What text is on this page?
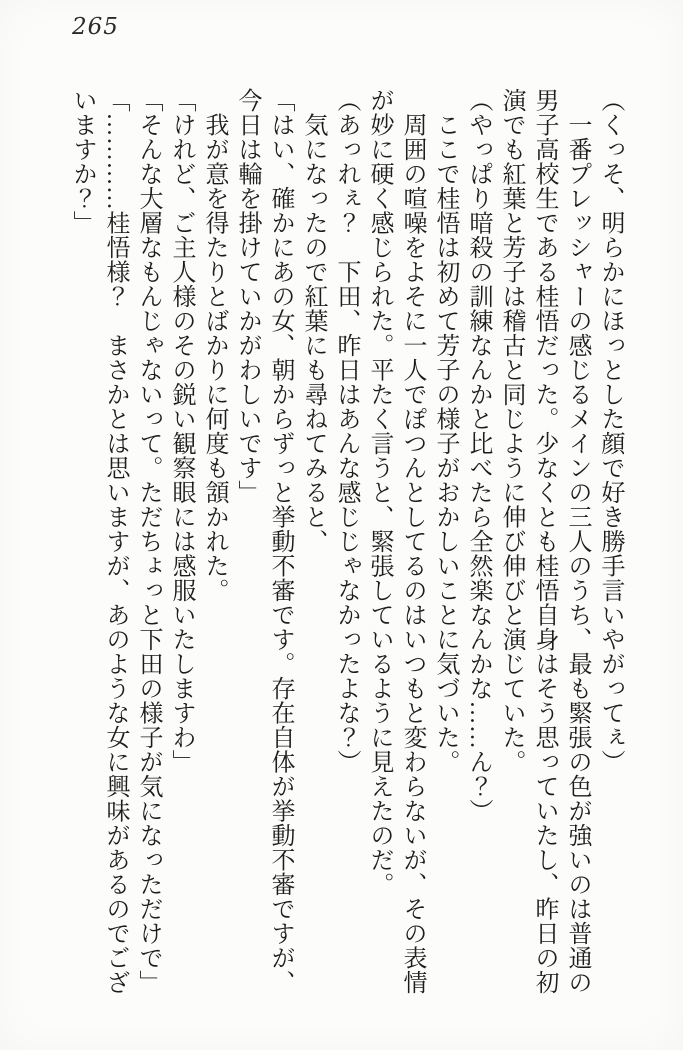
265

（くっそ、明らかにほっとした顔で好き勝手言いやがってぇ）

　一番プレッシャーの感じるメインの三人のうち、最も緊張の色が強いのは普通の男子高校生である桂悟だった。少なくとも桂悟自身はそう思っていたし、昨日の初演でも紅葉と芳子は稽古と同じように伸び伸びと演じていた。

（やっぱり暗殺の訓練なんかと比べたら全然楽なんかな……ん？）

　ここで桂悟は初めて芳子の様子がおかしいことに気づいた。

　周囲の喧噪をよそに一人でぽつんとしてるのはいつもと変わらないが、その表情が妙に硬く感じられた。平たく言うと、緊張しているように見えたのだ。

（あっれぇ？　下田、昨日はあんな感じじゃなかったよな？）

　気になったので紅葉にも尋ねてみると、

「はい、確かにあの女、朝からずっと挙動不審です。存在自体が挙動不審ですが、今日は輪を掛けていかがわしいです」

　我が意を得たりとばかりに何度も頷かれた。

「けれど、ご主人様のその鋭い観察眼には感服いたしますわ」

「そんな大層なもんじゃないって。ただちょっと下田の様子が気になっただけで」

「…………桂悟様？　まさかとは思いますが、あのような女に興味があるのでございますか？」
